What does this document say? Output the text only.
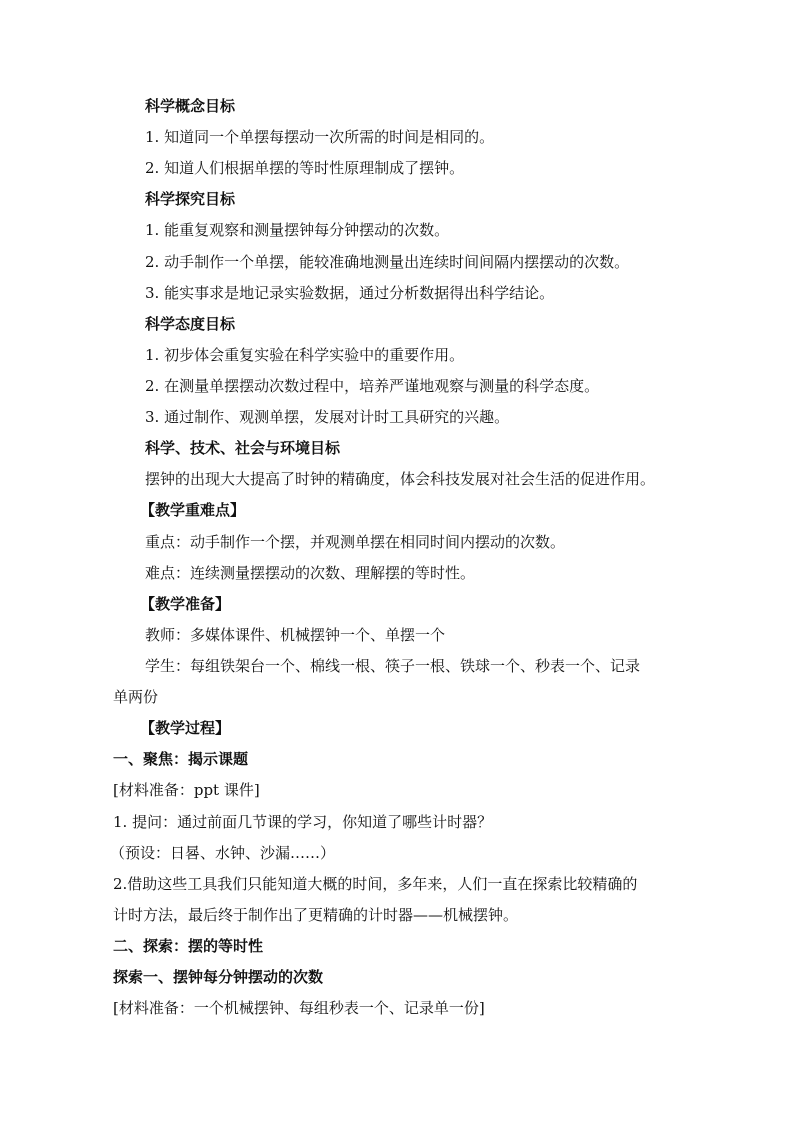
科学概念目标
1. 知道同一个单摆每摆动一次所需的时间是相同的。
2. 知道人们根据单摆的等时性原理制成了摆钟。
科学探究目标
1. 能重复观察和测量摆钟每分钟摆动的次数。
2. 动手制作一个单摆，能较准确地测量出连续时间间隔内摆摆动的次数。
3. 能实事求是地记录实验数据，通过分析数据得出科学结论。
科学态度目标
1. 初步体会重复实验在科学实验中的重要作用。
2. 在测量单摆摆动次数过程中，培养严谨地观察与测量的科学态度。
3. 通过制作、观测单摆，发展对计时工具研究的兴趣。
科学、技术、社会与环境目标
摆钟的出现大大提高了时钟的精确度，体会科技发展对社会生活的促进作用。
【教学重难点】
重点：动手制作一个摆，并观测单摆在相同时间内摆动的次数。
难点：连续测量摆摆动的次数、理解摆的等时性。
【教学准备】
教师：多媒体课件、机械摆钟一个、单摆一个
学生：每组铁架台一个、棉线一根、筷子一根、铁球一个、秒表一个、记录
单两份
【教学过程】
一、聚焦：揭示课题
[材料准备：ppt 课件]
1. 提问：通过前面几节课的学习，你知道了哪些计时器？
（预设：日晷、水钟、沙漏……）
2.借助这些工具我们只能知道大概的时间，多年来，人们一直在探索比较精确的
计时方法，最后终于制作出了更精确的计时器——机械摆钟。
二、探索：摆的等时性
探索一、摆钟每分钟摆动的次数
[材料准备：一个机械摆钟、每组秒表一个、记录单一份]
